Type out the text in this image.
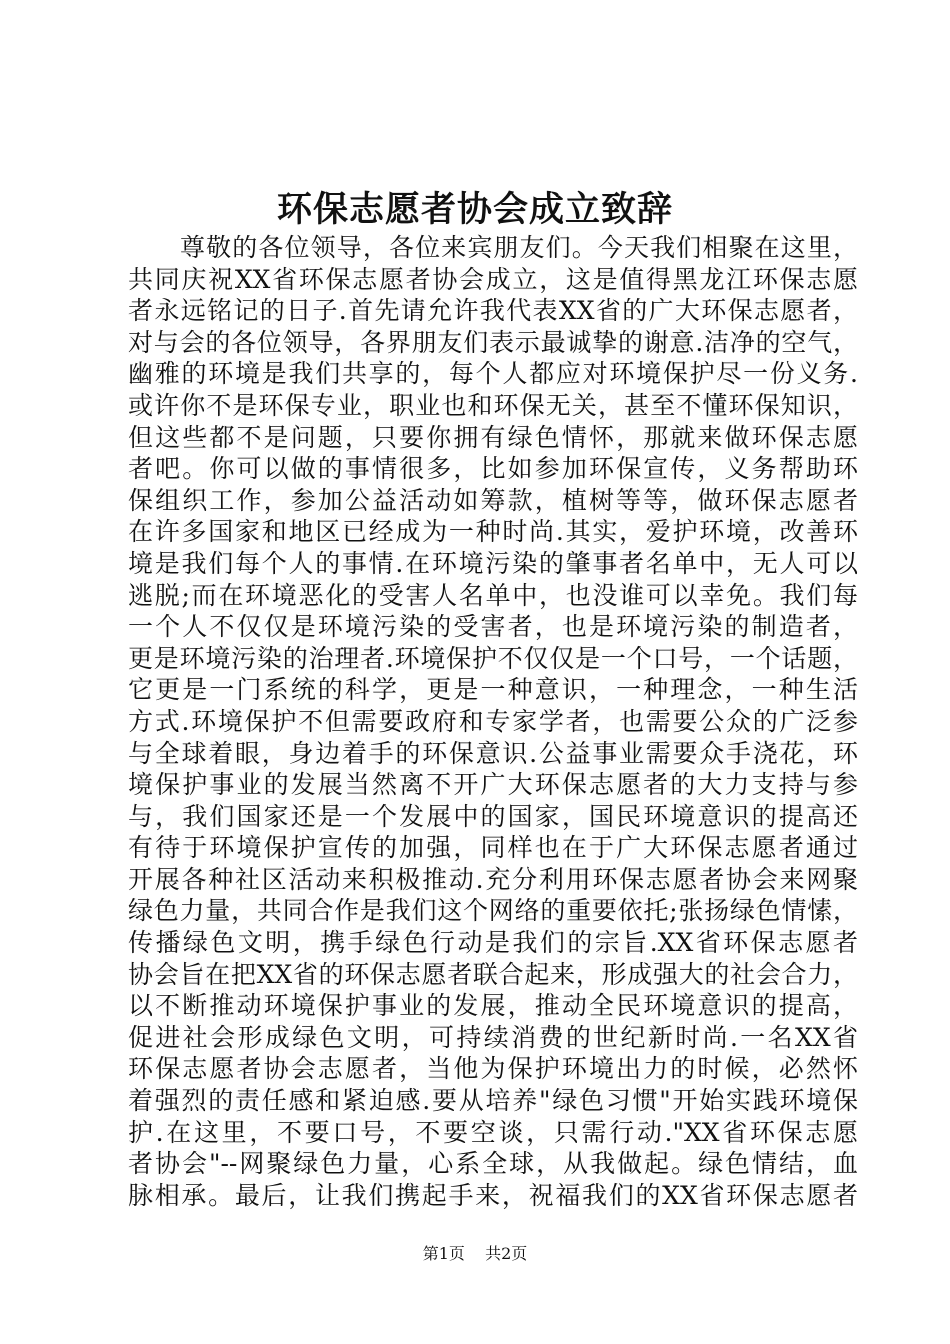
环保志愿者协会成立致辞
尊敬的各位领导，各位来宾朋友们。今天我们相聚在这里，
共同庆祝XX省环保志愿者协会成立，这是值得黑龙江环保志愿
者永远铭记的日子.首先请允许我代表XX省的广大环保志愿者，
对与会的各位领导，各界朋友们表示最诚挚的谢意.洁净的空气，
幽雅的环境是我们共享的，每个人都应对环境保护尽一份义务.
或许你不是环保专业，职业也和环保无关，甚至不懂环保知识，
但这些都不是问题，只要你拥有绿色情怀，那就来做环保志愿
者吧。你可以做的事情很多，比如参加环保宣传，义务帮助环
保组织工作，参加公益活动如筹款，植树等等，做环保志愿者
在许多国家和地区已经成为一种时尚.其实，爱护环境，改善环
境是我们每个人的事情.在环境污染的肇事者名单中，无人可以
逃脱;而在环境恶化的受害人名单中，也没谁可以幸免。我们每
一个人不仅仅是环境污染的受害者，也是环境污染的制造者，
更是环境污染的治理者.环境保护不仅仅是一个口号，一个话题，
它更是一门系统的科学，更是一种意识，一种理念，一种生活
方式.环境保护不但需要政府和专家学者，也需要公众的广泛参
与全球着眼，身边着手的环保意识.公益事业需要众手浇花，环
境保护事业的发展当然离不开广大环保志愿者的大力支持与参
与，我们国家还是一个发展中的国家，国民环境意识的提高还
有待于环境保护宣传的加强，同样也在于广大环保志愿者通过
开展各种社区活动来积极推动.充分利用环保志愿者协会来网聚
绿色力量，共同合作是我们这个网络的重要依托;张扬绿色情愫，
传播绿色文明，携手绿色行动是我们的宗旨.XX省环保志愿者
协会旨在把XX省的环保志愿者联合起来，形成强大的社会合力，
以不断推动环境保护事业的发展，推动全民环境意识的提高，
促进社会形成绿色文明，可持续消费的世纪新时尚.一名XX省
环保志愿者协会志愿者，当他为保护环境出力的时候，必然怀
着强烈的责任感和紧迫感.要从培养"绿色习惯"开始实践环境保
护.在这里，不要口号，不要空谈，只需行动."XX省环保志愿
者协会"--网聚绿色力量，心系全球，从我做起。绿色情结，血
脉相承。最后，让我们携起手来，祝福我们的XX省环保志愿者
第1页 共2页
